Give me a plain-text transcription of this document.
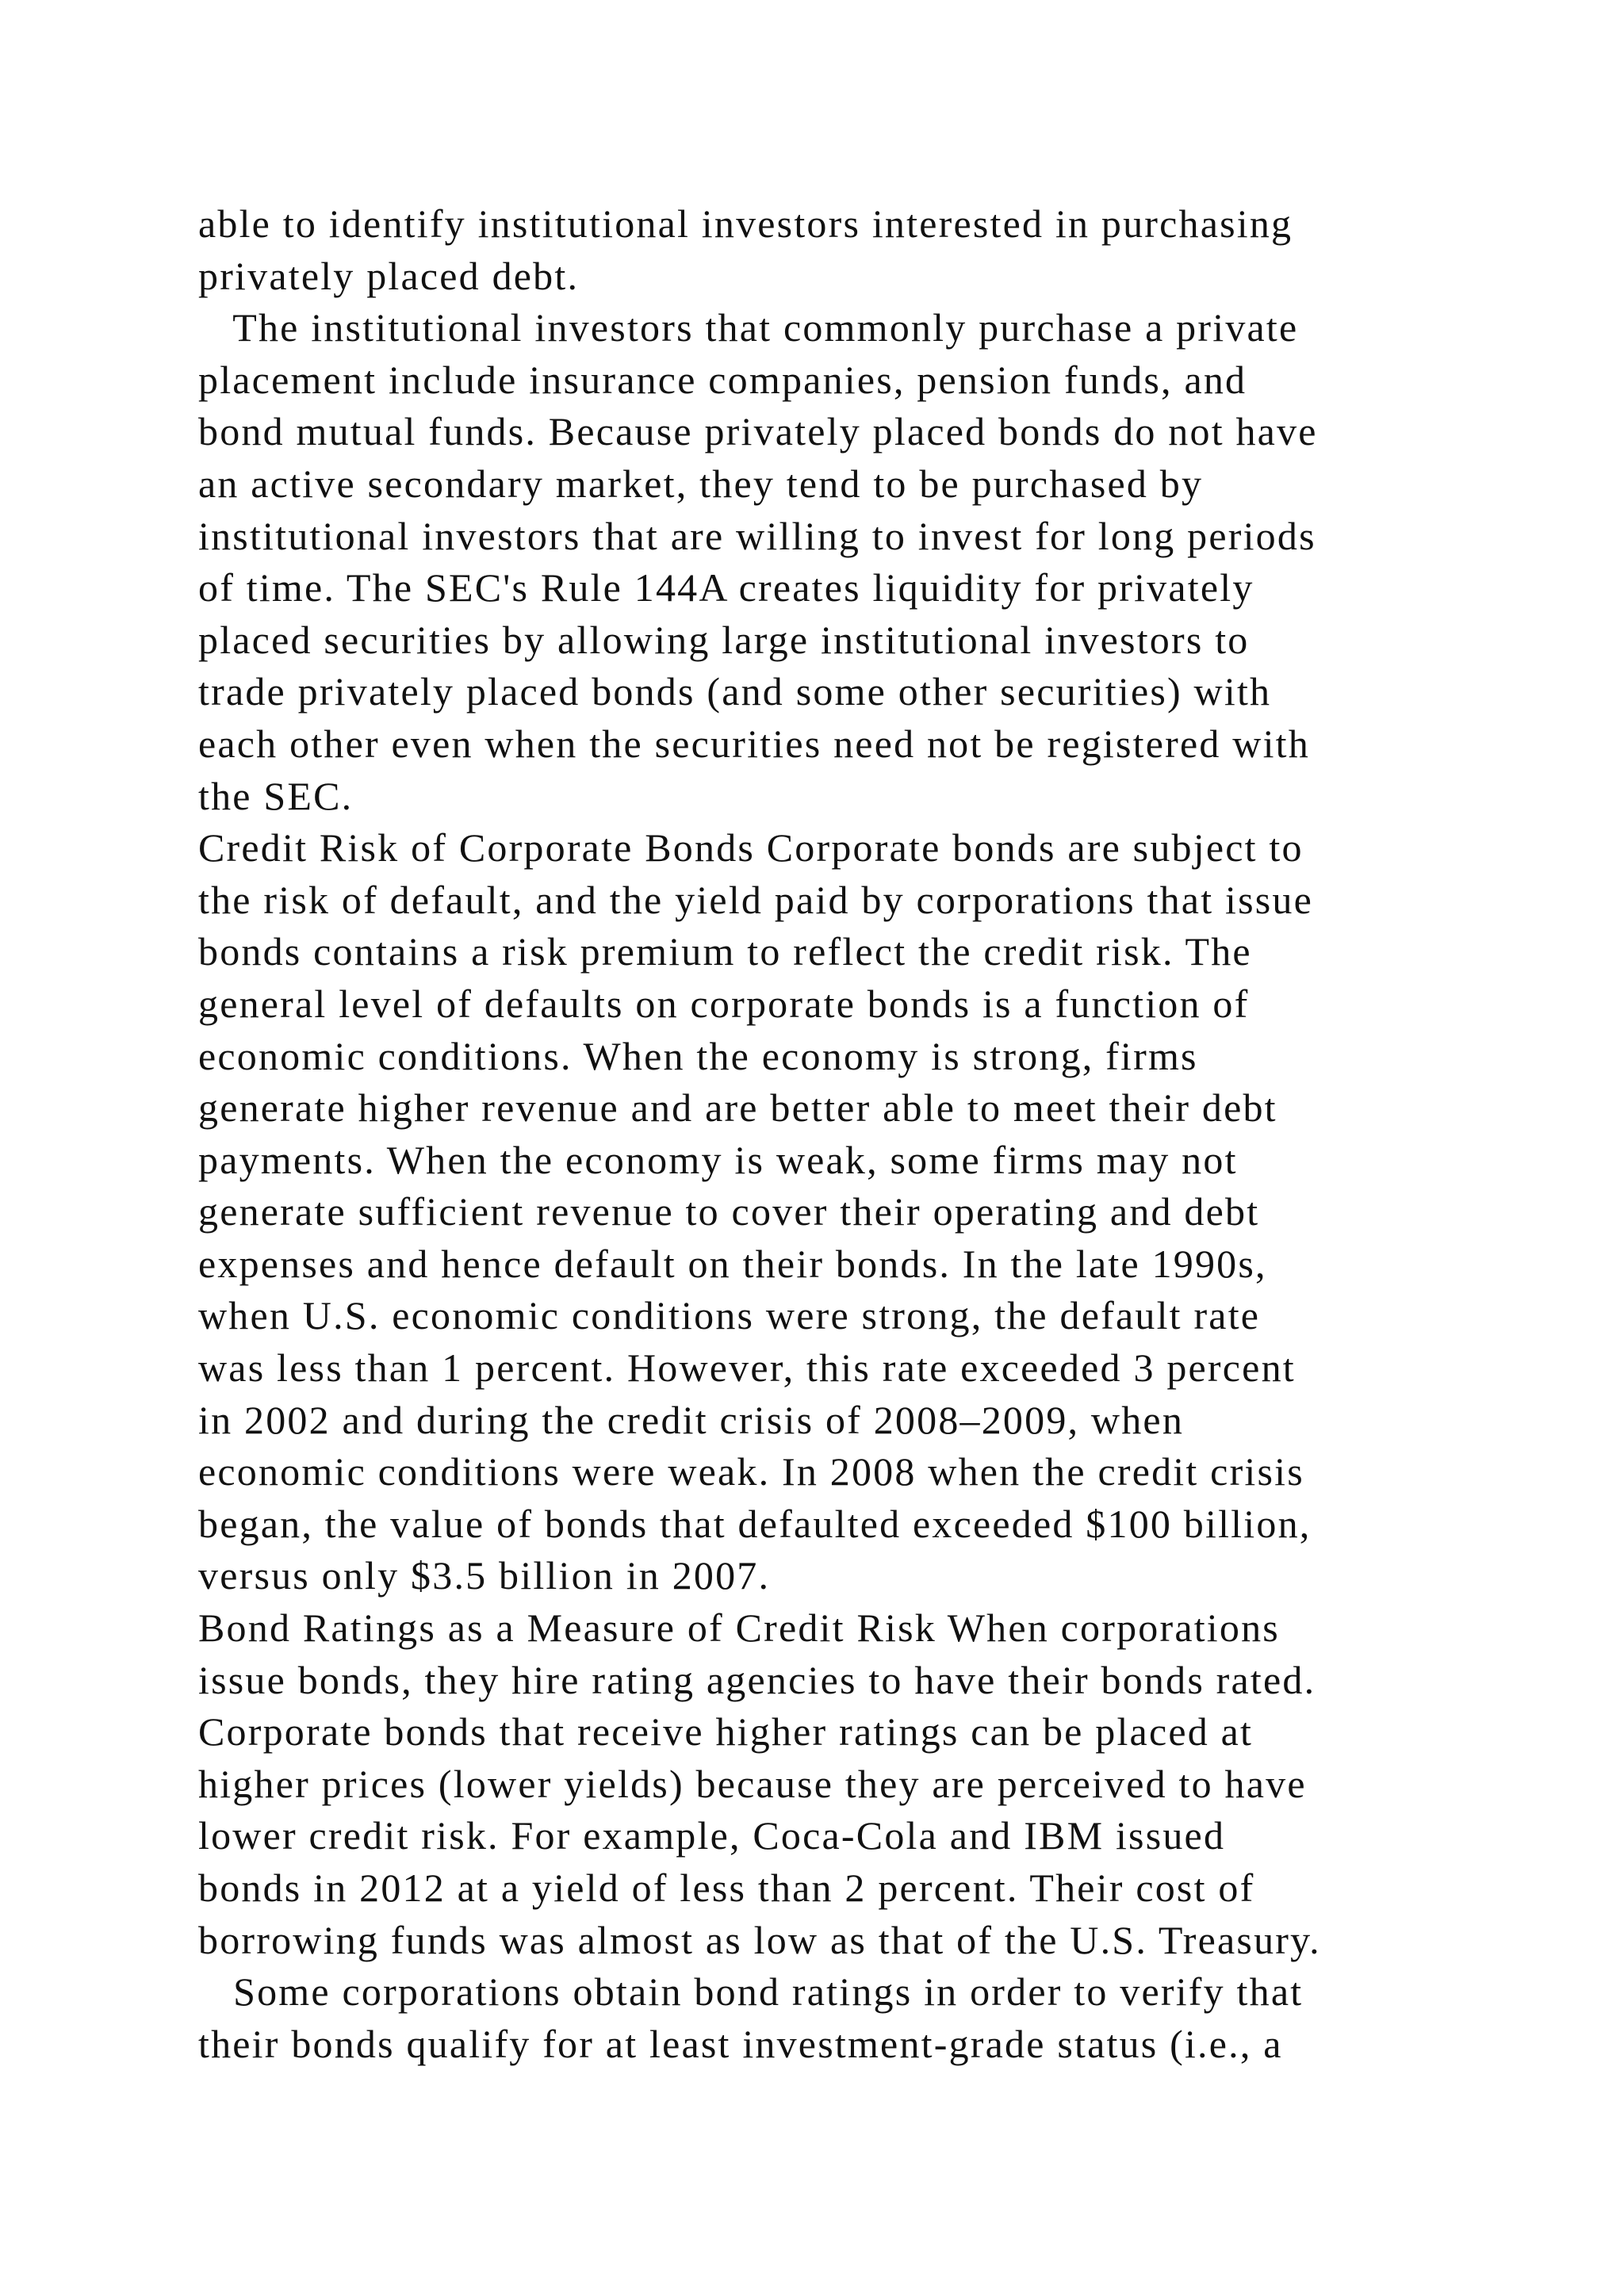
able to identify institutional investors interested in purchasing
privately placed debt.
The institutional investors that commonly purchase a private
placement include insurance companies, pension funds, and
bond mutual funds. Because privately placed bonds do not have
an active secondary market, they tend to be purchased by
institutional investors that are willing to invest for long periods
of time. The SEC's Rule 144A creates liquidity for privately
placed securities by allowing large institutional investors to
trade privately placed bonds (and some other securities) with
each other even when the securities need not be registered with
the SEC.
Credit Risk of Corporate Bonds Corporate bonds are subject to
the risk of default, and the yield paid by corporations that issue
bonds contains a risk premium to reflect the credit risk. The
general level of defaults on corporate bonds is a function of
economic conditions. When the economy is strong, firms
generate higher revenue and are better able to meet their debt
payments. When the economy is weak, some firms may not
generate sufficient revenue to cover their operating and debt
expenses and hence default on their bonds. In the late 1990s,
when U.S. economic conditions were strong, the default rate
was less than 1 percent. However, this rate exceeded 3 percent
in 2002 and during the credit crisis of 2008–2009, when
economic conditions were weak. In 2008 when the credit crisis
began, the value of bonds that defaulted exceeded $100 billion,
versus only $3.5 billion in 2007.
Bond Ratings as a Measure of Credit Risk When corporations
issue bonds, they hire rating agencies to have their bonds rated.
Corporate bonds that receive higher ratings can be placed at
higher prices (lower yields) because they are perceived to have
lower credit risk. For example, Coca-Cola and IBM issued
bonds in 2012 at a yield of less than 2 percent. Their cost of
borrowing funds was almost as low as that of the U.S. Treasury.
Some corporations obtain bond ratings in order to verify that
their bonds qualify for at least investment-grade status (i.e., a
